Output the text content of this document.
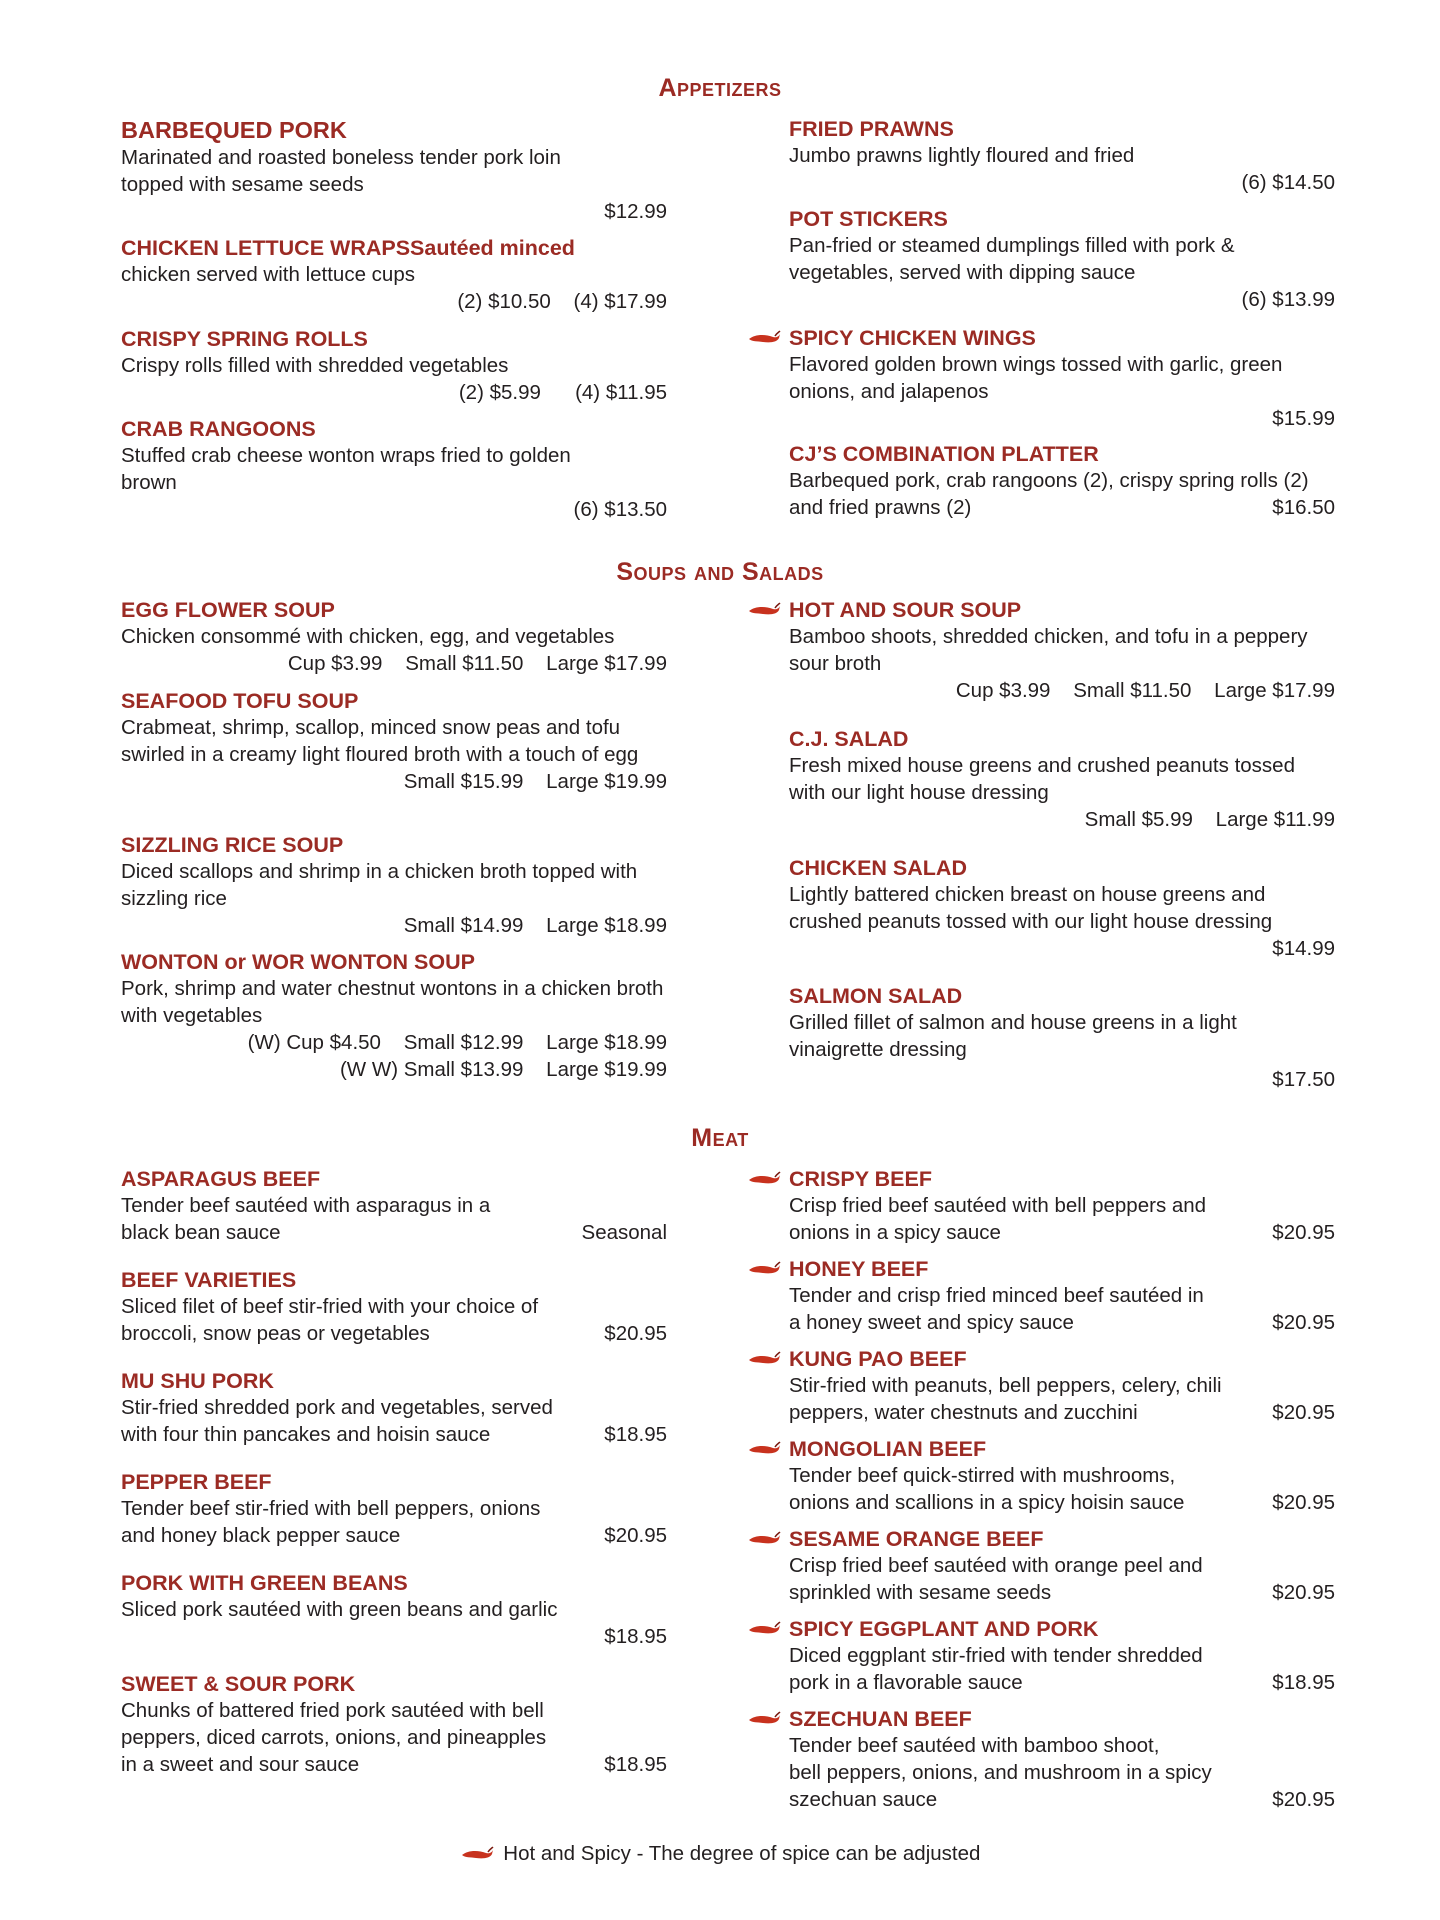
Appetizers
BARBEQUED PORK
Marinated and roasted boneless tender pork loin topped with sesame seeds
$12.99
CHICKEN LETTUCE WRAPSSautéed minced
chicken served with lettuce cups
(2) $10.50    (4) $17.99
CRISPY SPRING ROLLS
Crispy rolls filled with shredded vegetables
(2) $5.99      (4) $11.95
CRAB RANGOONS
Stuffed crab cheese wonton wraps fried to golden brown
(6) $13.50
FRIED PRAWNS
Jumbo prawns lightly floured and fried
(6) $14.50
POT STICKERS
Pan-fried or steamed dumplings filled with pork & vegetables, served with dipping sauce
(6) $13.99
SPICY CHICKEN WINGS
Flavored golden brown wings tossed with garlic, green onions, and jalapenos
$15.99
CJ’S COMBINATION PLATTER
Barbequed pork, crab rangoons (2), crispy spring rolls (2)
$16.50
and fried prawns (2)
Soups and Salads
EGG FLOWER SOUP
Chicken consommé with chicken, egg, and vegetables
Cup $3.99    Small $11.50    Large $17.99
SEAFOOD TOFU SOUP
Crabmeat, shrimp, scallop, minced snow peas and tofu swirled in a creamy light floured broth with a touch of egg
Small $15.99    Large $19.99
SIZZLING RICE SOUP
Diced scallops and shrimp in a chicken broth topped with sizzling rice
Small $14.99    Large $18.99
WONTON or WOR WONTON SOUP
Pork, shrimp and water chestnut wontons in a chicken broth with vegetables
(W) Cup $4.50    Small $12.99    Large $18.99
(W W) Small $13.99    Large $19.99
HOT AND SOUR SOUP
Bamboo shoots, shredded chicken, and tofu in a peppery sour broth
Cup $3.99    Small $11.50    Large $17.99
C.J. SALAD
Fresh mixed house greens and crushed peanuts tossed with our light house dressing
Small $5.99    Large $11.99
CHICKEN SALAD
Lightly battered chicken breast on house greens and crushed peanuts tossed with our light house dressing
$14.99
SALMON SALAD
Grilled fillet of salmon and house greens in a light vinaigrette dressing
$17.50
Meat
ASPARAGUS BEEF
Tender beef sautéed with asparagus in a
Seasonal
black bean sauce
BEEF VARIETIES
Sliced filet of beef stir-fried with your choice of
$20.95
broccoli, snow peas or vegetables
MU SHU PORK
Stir-fried shredded pork and vegetables, served
$18.95
with four thin pancakes and hoisin sauce
PEPPER BEEF
Tender beef stir-fried with bell peppers, onions
$20.95
and honey black pepper sauce
PORK WITH GREEN BEANS
Sliced pork sautéed with green beans and garlic
$18.95
SWEET & SOUR PORK
Chunks of battered fried pork sautéed with bell
peppers, diced carrots, onions, and pineapples
$18.95
in a sweet and sour sauce
CRISPY BEEF
Crisp fried beef sautéed with bell peppers and
$20.95
onions in a spicy sauce
HONEY BEEF
Tender and crisp fried minced beef sautéed in
$20.95
a honey sweet and spicy sauce
KUNG PAO BEEF
Stir-fried with peanuts, bell peppers, celery, chili
$20.95
peppers, water chestnuts and zucchini
MONGOLIAN BEEF
Tender beef quick-stirred with mushrooms,
$20.95
onions and scallions in a spicy hoisin sauce
SESAME ORANGE BEEF
Crisp fried beef sautéed with orange peel and
$20.95
sprinkled with sesame seeds
SPICY EGGPLANT AND PORK
Diced eggplant stir-fried with tender shredded
$18.95
pork in a flavorable sauce
SZECHUAN BEEF
Tender beef sautéed with bamboo shoot,
bell peppers, onions, and mushroom in a spicy
$20.95
szechuan sauce
Hot and Spicy - The degree of spice can be adjusted
